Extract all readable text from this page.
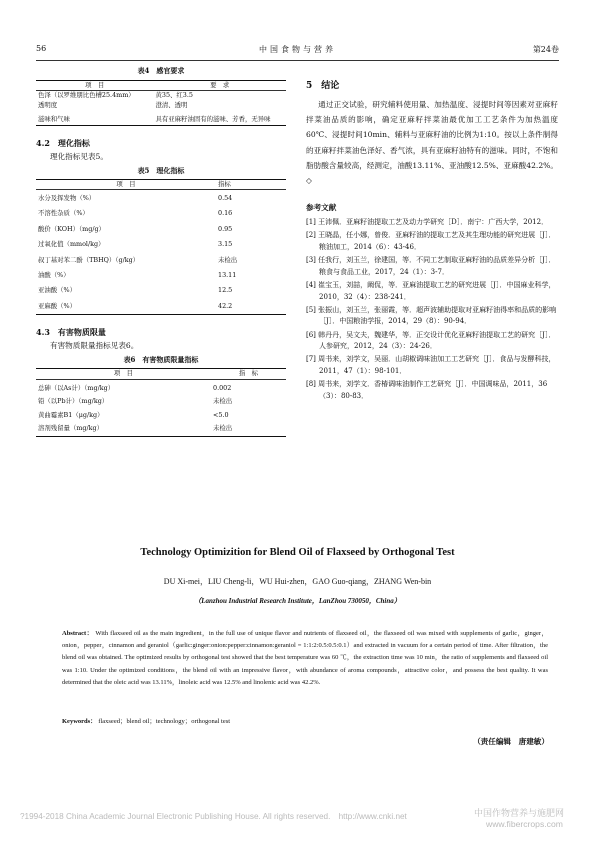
56	中国食物与营养	第24卷
表4　感官要求
项　目	要　求
色泽（以罗维朋比色槽25.4mm）	黄35、红3.5
透明度	澄清、透明
滋味和气味	具有亚麻籽油固有的滋味、芳香，无异味

4.2　理化指标
理化指标见表5。
表5　理化指标
项　目	指标
水分及挥发物（%）	0.54
不溶性杂质（%）	0.16
酸价（KOH）（mg/g）	0.95
过氧化值（mmol/kg）	3.15
叔丁基对苯二酚（TBHQ）（g/kg）	未检出
油酸（%）	13.11
亚油酸（%）	12.5
亚麻酸（%）	42.2

4.3　有害物质限量
有害物质限量指标见表6。
表6　有害物质限量指标
项　目	指　标
总砷（以As计）（mg/kg）	0.002
铅（以Pb计）（mg/kg）	未检出
黄曲霉素B1（μg/kg）	<5.0
溶剂残留量（mg/kg）	未检出

5　结论
通过正交试验，研究辅料使用量、加热温度、浸提时间等因素对亚麻籽拌菜油品质的影响，确定亚麻籽拌菜油最优加工工艺条件为加热温度60℃、浸提时间10min、辅料与亚麻籽油的比例为1:10。按以上条件制得的亚麻籽拌菜油色泽好、香气浓，具有亚麻籽油特有的滋味。同时，不饱和脂肪酸含量较高，经测定，油酸13.11%、亚油酸12.5%、亚麻酸42.2%。◇
参考文献
[1] 王沛佩．亚麻籽油提取工艺及动力学研究［D］．南宁：广西大学，2012．
[2] 王晓晶，任小娜，曾俊．亚麻籽油的提取工艺及其生理功能的研究进展［J］．粮油加工，2014（6）：43-46．
[3] 任我行，刘玉兰，徐建国，等．不同工艺制取亚麻籽油的品质差异分析［J］．粮食与食品工业，2017，24（1）：3-7．
[4] 崔宝玉，刘喆，阚侃，等．亚麻油提取工艺的研究进展［J］．中国麻业科学，2010，32（4）：238-241．
[5] 张振山，刘玉兰，张丽霞，等．超声波辅助提取对亚麻籽油得率和品质的影响［J］．中国粮油学报，2014，29（8）：90-94．
[6] 韩丹丹，吴文夫，魏建华，等．正交设计优化亚麻籽油提取工艺的研究［J］．人参研究，2012，24（3）：24-26．
[7] 周书来，刘学文，吴丽．山胡椒调味油加工工艺研究［J］．食品与发酵科技，2011，47（1）：98-101．
[8] 周书来，刘学文．香椿调味油制作工艺研究［J］．中国调味品，2011，36（3）：80-83．
Technology Optimizition for Blend Oil of Flaxseed by Orthogonal Test
DU Xi-mei，LIU Cheng-li，WU Hui-zhen，GAO Guo-qiang，ZHANG Wen-bin
（Lanzhou Industrial Research Institute，LanZhou 730050，China）
Abstract： With flaxseed oil as the main ingredient，in the full use of unique flavor and nutrients of flaxseed oil，the flaxseed oil was mixed with supplements of garlic，ginger，onion，pepper，cinnamon and geraniol（garlic:ginger:onion:pepper:cinnamon:geraniol = 1:1:2:0.5:0.5:0.1）and extracted in vacuum for a certain period of time. After filtration，the blend oil was obtained. The optimized results by orthogonal test showed that the best temperature was 60 ℃，the extraction time was 10 min，the ratio of supplements and flaxseed oil was 1:10. Under the optimized conditions，the blend oil with an impressive flavor，with abundance of aroma compounds，attractive color，and possess the best quality. It was determined that the oleic acid was 13.11%，linoleic acid was 12.5% and linolenic acid was 42.2%.
Keywords： flaxseed；blend oil；technology；orthogonal test
（责任编辑　唐建敏）
?1994-2018 China Academic Journal Electronic Publishing House. All rights reserved.　http://www.cnki.net	中国作物营养与施肥网
www.fibercrops.com
